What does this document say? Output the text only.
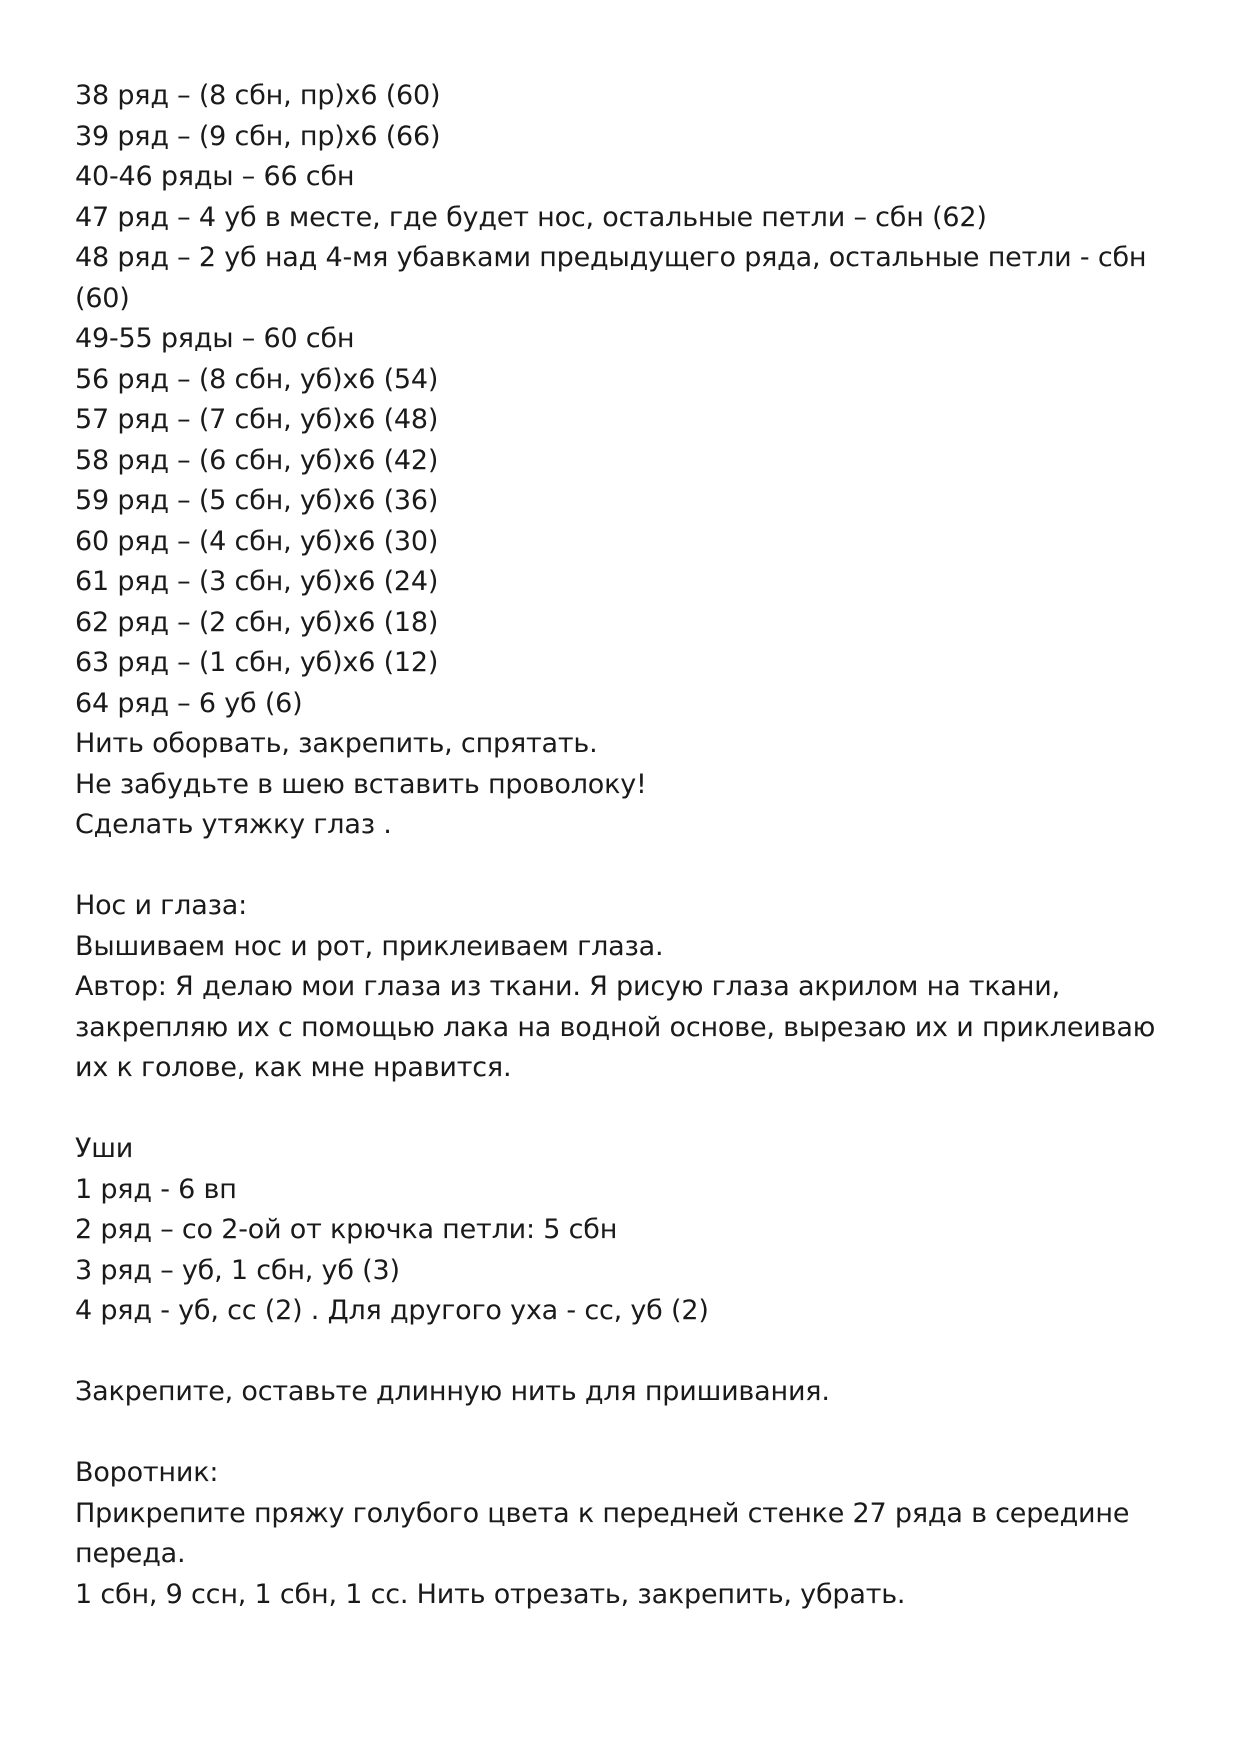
38 ряд – (8 сбн, пр)х6 (60)
39 ряд – (9 сбн, пр)х6 (66)
40-46 ряды – 66 сбн
47 ряд – 4 уб в месте, где будет нос, остальные петли – сбн (62)
48 ряд – 2 уб над 4-мя убавками предыдущего ряда, остальные петли - сбн
(60)
49-55 ряды – 60 сбн
56 ряд – (8 сбн, уб)х6 (54)
57 ряд – (7 сбн, уб)х6 (48)
58 ряд – (6 сбн, уб)х6 (42)
59 ряд – (5 сбн, уб)х6 (36)
60 ряд – (4 сбн, уб)х6 (30)
61 ряд – (3 сбн, уб)х6 (24)
62 ряд – (2 сбн, уб)х6 (18)
63 ряд – (1 сбн, уб)х6 (12)
64 ряд – 6 уб (6)
Нить оборвать, закрепить, спрятать.
Не забудьте в шею вставить проволоку!
Сделать утяжку глаз .
Нос и глаза:
Вышиваем нос и рот, приклеиваем глаза.
Автор: Я делаю мои глаза из ткани. Я рисую глаза акрилом на ткани,
закрепляю их с помощью лака на водной основе, вырезаю их и приклеиваю
их к голове, как мне нравится.
Уши
1 ряд - 6 вп
2 ряд – со 2-ой от крючка петли: 5 сбн
3 ряд – уб, 1 сбн, уб (3)
4 ряд - уб, сс (2) . Для другого уха - сс, уб (2)
Закрепите, оставьте длинную нить для пришивания.
Воротник:
Прикрепите пряжу голубого цвета к передней стенке 27 ряда в середине
переда.
1 сбн, 9 ссн, 1 сбн, 1 сс. Нить отрезать, закрепить, убрать.
